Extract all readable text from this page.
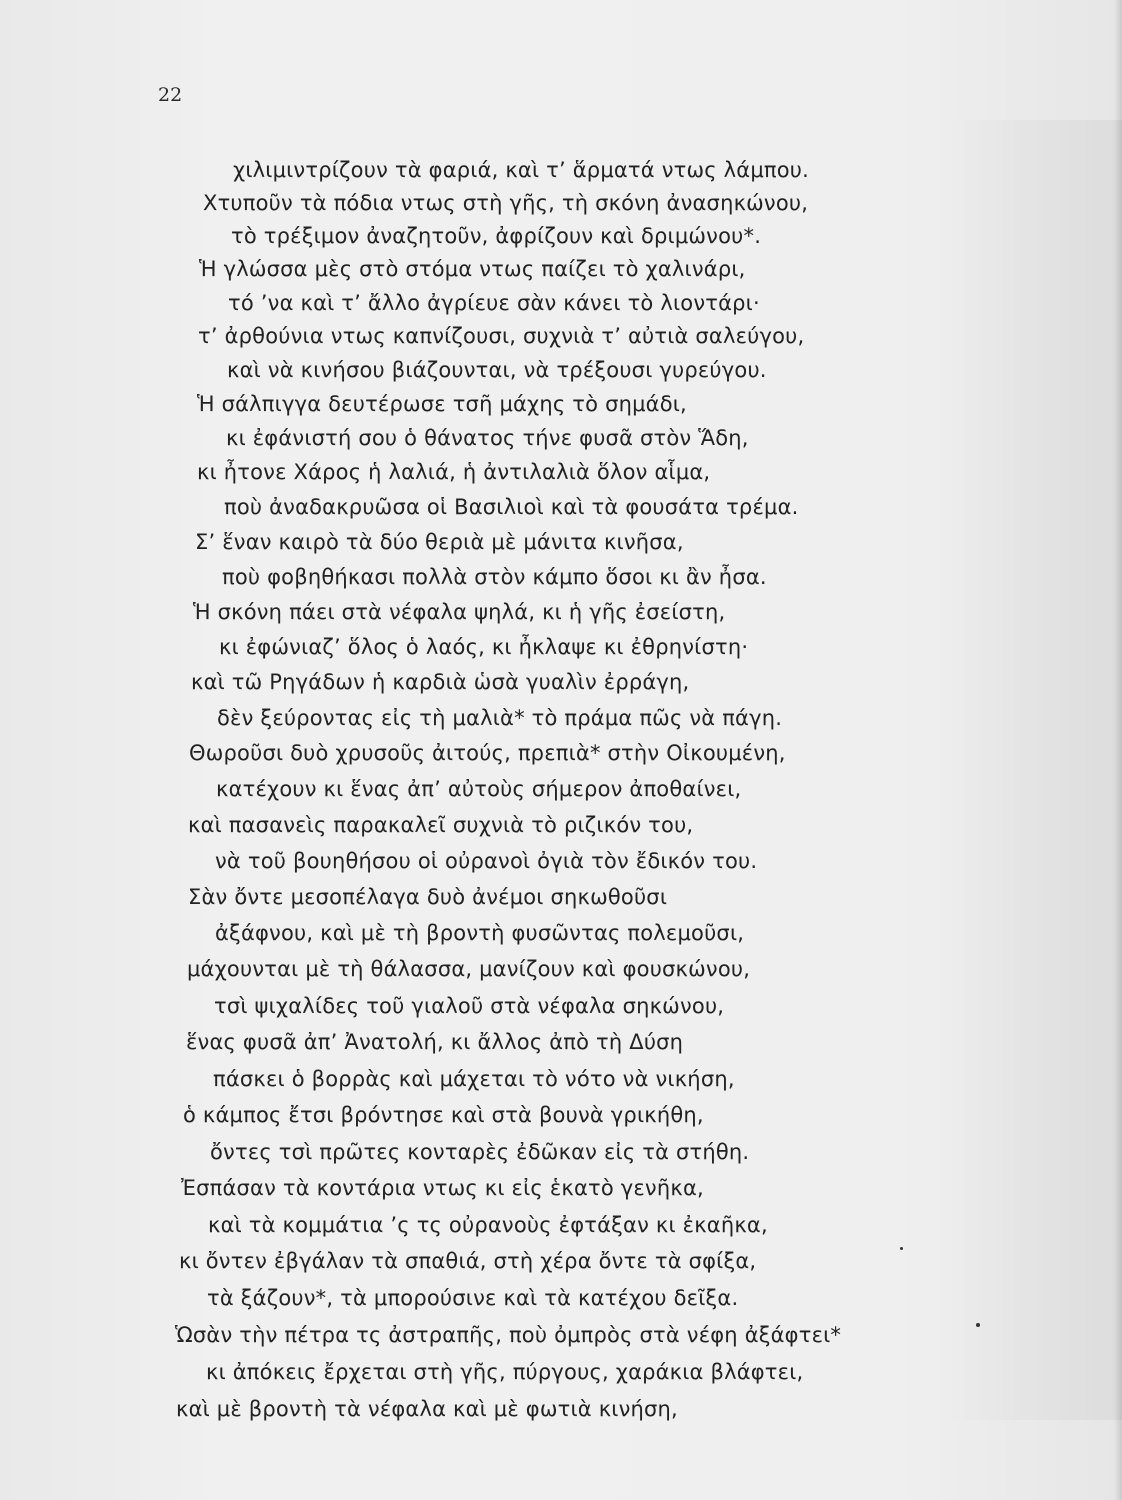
22
χιλιμιντρίζουν τὰ φαριά, καὶ τ’ ἅρματά ντως λάμπου.
Χτυποῦν τὰ πόδια ντως στὴ γῆς, τὴ σκόνη ἀνασηκώνου,
τὸ τρέξιμον ἀναζητοῦν, ἀφρίζουν καὶ δριμώνου*.
Ἡ γλώσσα μὲς στὸ στόμα ντως παίζει τὸ χαλινάρι,
τό ’να καὶ τ’ ἄλλο ἀγρίευε σὰν κάνει τὸ λιοντάρι·
τ’ ἀρθούνια ντως καπνίζουσι, συχνιὰ τ’ αὐτιὰ σαλεύγου,
καὶ νὰ κινήσου βιάζουνται, νὰ τρέξουσι γυρεύγου.
Ἡ σάλπιγγα δευτέρωσε τσῆ μάχης τὸ σημάδι,
κι ἐφάνιστή σου ὁ θάνατος τήνε φυσᾶ στὸν Ἅδη,
κι ἦτονε Χάρος ἡ λαλιά, ἡ ἀντιλαλιὰ ὅλον αἷμα,
ποὺ ἀναδακρυῶσα οἱ Βασιλιοὶ καὶ τὰ φουσάτα τρέμα.
Σ’ ἕναν καιρὸ τὰ δύο θεριὰ μὲ μάνιτα κινῆσα,
ποὺ φοβηθήκασι πολλὰ στὸν κάμπο ὅσοι κι ἂν ἦσα.
Ἡ σκόνη πάει στὰ νέφαλα ψηλά, κι ἡ γῆς ἐσείστη,
κι ἐφώνιαζ’ ὅλος ὁ λαός, κι ἦκλαψε κι ἐθρηνίστη·
καὶ τῶ Ρηγάδων ἡ καρδιὰ ὡσὰ γυαλὶν ἐρράγη,
δὲν ξεύροντας εἰς τὴ μαλιὰ* τὸ πράμα πῶς νὰ πάγη.
Θωροῦσι δυὸ χρυσοῦς ἀιτούς, πρεπιὰ* στὴν Οἰκουμένη,
κατέχουν κι ἕνας ἀπ’ αὐτοὺς σήμερον ἀποθαίνει,
καὶ πασανεὶς παρακαλεῖ συχνιὰ τὸ ριζικόν του,
νὰ τοῦ βουηθήσου οἱ οὐρανοὶ ὀγιὰ τὸν ἔδικόν του.
Σὰν ὄντε μεσοπέλαγα δυὸ ἀνέμοι σηκωθοῦσι
ἀξάφνου, καὶ μὲ τὴ βροντὴ φυσῶντας πολεμοῦσι,
μάχουνται μὲ τὴ θάλασσα, μανίζουν καὶ φουσκώνου,
τσὶ ψιχαλίδες τοῦ γιαλοῦ στὰ νέφαλα σηκώνου,
ἕνας φυσᾶ ἀπ’ Ἀνατολή, κι ἄλλος ἀπὸ τὴ Δύση
πάσκει ὁ βορρὰς καὶ μάχεται τὸ νότο νὰ νικήση,
ὁ κάμπος ἔτσι βρόντησε καὶ στὰ βουνὰ γρικήθη,
ὄντες τσὶ πρῶτες κονταρὲς ἐδῶκαν εἰς τὰ στήθη.
Ἐσπάσαν τὰ κοντάρια ντως κι εἰς ἑκατὸ γενῆκα,
καὶ τὰ κομμάτια ’ς τς οὐρανοὺς ἐφτάξαν κι ἐκαῆκα,
κι ὄντεν ἐβγάλαν τὰ σπαθιά, στὴ χέρα ὄντε τὰ σφίξα,
τὰ ξάζουν*, τὰ μπορούσινε καὶ τὰ κατέχου δεῖξα.
Ὡσὰν τὴν πέτρα τς ἀστραπῆς, ποὺ ὀμπρὸς στὰ νέφη ἀξάφτει*
κι ἀπόκεις ἔρχεται στὴ γῆς, πύργους, χαράκια βλάφτει,
καὶ μὲ βροντὴ τὰ νέφαλα καὶ μὲ φωτιὰ κινήση,
